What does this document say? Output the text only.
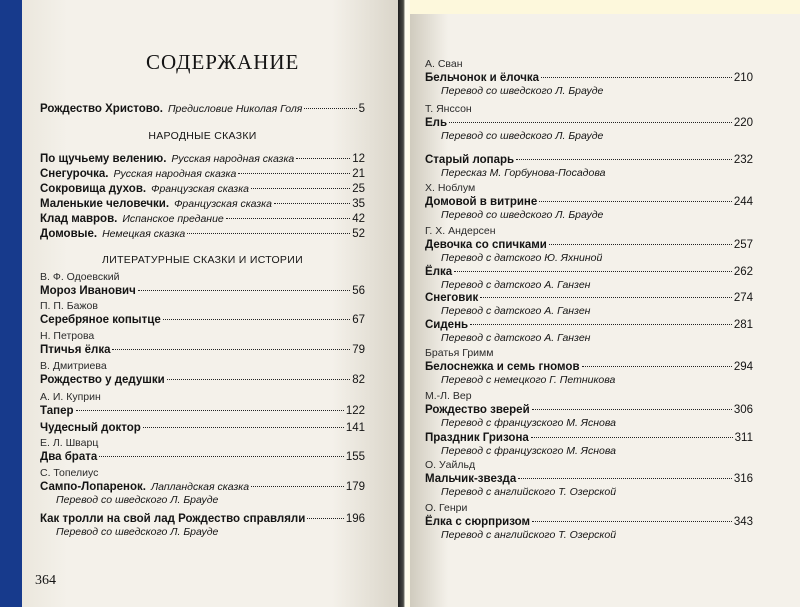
СОДЕРЖАНИЕ
Рождество Христово. Предисловие Николая Голя	5
НАРОДНЫЕ СКАЗКИ
По щучьему велению. Русская народная сказка	12
Снегурочка. Русская народная сказка	21
Сокровища духов. Французская сказка	25
Маленькие человечки. Французская сказка	35
Клад мавров. Испанское предание	42
Домовые. Немецкая сказка	52
ЛИТЕРАТУРНЫЕ СКАЗКИ И ИСТОРИИ
В. Ф. Одоевский
Мороз Иванович	56
П. П. Бажов
Серебряное копытце	67
Н. Петрова
Птичья ёлка	79
В. Дмитриева
Рождество у дедушки	82
А. И. Куприн
Тапер	122
Чудесный доктор	141
Е. Л. Шварц
Два брата	155
С. Топелиус
Сампо-Лопаренок. Лапландская сказка	179
Перевод со шведского Л. Брауде
Как тролли на свой лад Рождество справляли	196
Перевод со шведского Л. Брауде
364
А. Сван
Бельчонок и ёлочка	210
Перевод со шведского Л. Брауде
Т. Янссон
Ель	220
Перевод со шведского Л. Брауде
Старый лопарь	232
Пересказ М. Горбунова-Посадова
Х. Ноблум
Домовой в витрине	244
Перевод со шведского Л. Брауде
Г. Х. Андерсен
Девочка со спичками	257
Перевод с датского Ю. Яхниной
Ёлка	262
Перевод с датского А. Ганзен
Снеговик	274
Перевод с датского А. Ганзен
Сидень	281
Перевод с датского А. Ганзен
Братья Гримм
Белоснежка и семь гномов	294
Перевод с немецкого Г. Петникова
М.-Л. Вер
Рождество зверей	306
Перевод с французского М. Яснова
Праздник Гризона	311
Перевод с французского М. Яснова
О. Уайльд
Мальчик-звезда	316
Перевод с английского Т. Озерской
О. Генри
Ёлка с сюрпризом	343
Перевод с английского Т. Озерской
